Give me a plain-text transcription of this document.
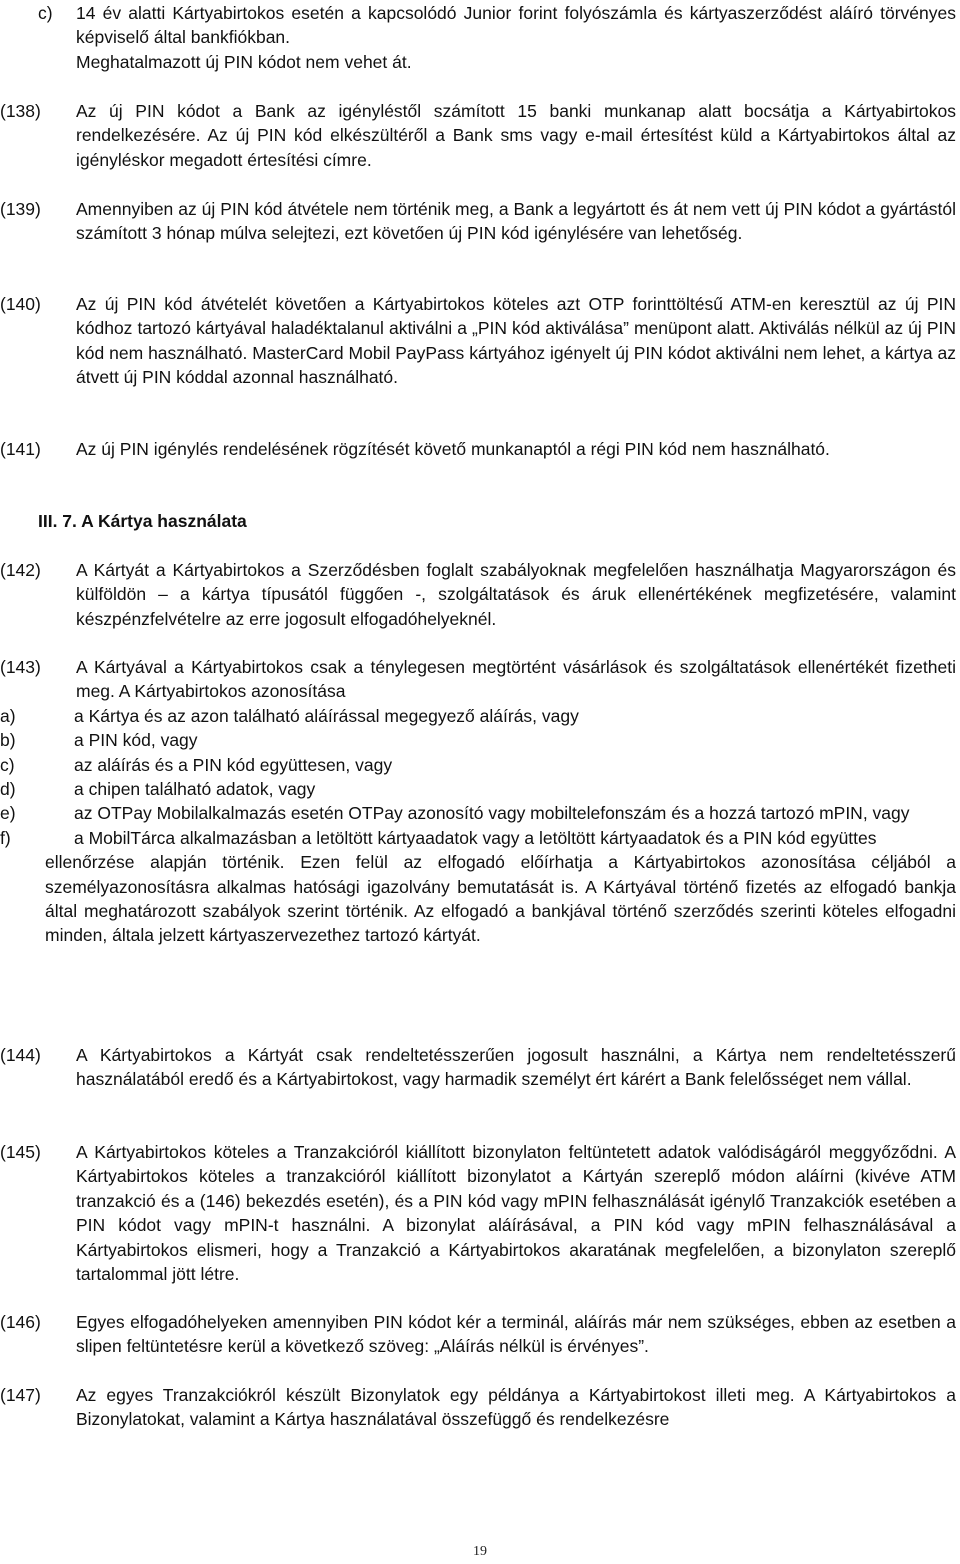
c)	14 év alatti Kártyabirtokos esetén a kapcsolódó Junior forint folyószámla és kártyaszerződést aláíró törvényes képviselő által bankfiókban.
Meghatalmazott új PIN kódot nem vehet át.
(138)	Az új PIN kódot a Bank az igényléstől számított 15 banki munkanap alatt bocsátja a Kártyabirtokos rendelkezésére. Az új PIN kód elkészültéről a Bank sms vagy e-mail értesítést küld a Kártyabirtokos által az igényléskor megadott értesítési címre.
(139)	Amennyiben az új PIN kód átvétele nem történik meg, a Bank a legyártott és át nem vett új PIN kódot a gyártástól számított 3 hónap múlva selejtezi, ezt követően új PIN kód igénylésére van lehetőség.
(140)	Az új PIN kód átvételét követően a Kártyabirtokos köteles azt OTP forinttöltésű ATM-en keresztül az új PIN kódhoz tartozó kártyával haladéktalanul aktiválni a „PIN kód aktiválása” menüpont alatt. Aktiválás nélkül az új PIN kód nem használható. MasterCard Mobil PayPass kártyához igényelt új PIN kódot aktiválni nem lehet, a kártya az átvett új PIN kóddal azonnal használható.
(141)	Az új PIN igénylés rendelésének rögzítését követő munkanaptól a régi PIN kód nem használható.
III. 7. A Kártya használata
(142)	A Kártyát a Kártyabirtokos a Szerződésben foglalt szabályoknak megfelelően használhatja Magyarországon és külföldön – a kártya típusától függően -, szolgáltatások és áruk ellenértékének megfizetésére, valamint készpénzfelvételre az erre jogosult elfogadóhelyeknél.
(143)	A Kártyával a Kártyabirtokos csak a ténylegesen megtörtént vásárlások és szolgáltatások ellenértékét fizetheti meg. A Kártyabirtokos azonosítása
a)	a Kártya és az azon található aláírással megegyező aláírás, vagy
b)	a PIN kód, vagy
c)	az aláírás és a PIN kód együttesen, vagy
d)	a chipen található adatok, vagy
e)	az OTPay Mobilalkalmazás esetén OTPay azonosító vagy mobiltelefonszám és a hozzá tartozó mPIN, vagy
f)	a MobilTárca alkalmazásban a letöltött kártyaadatok vagy a letöltött kártyaadatok és a PIN kód együttes
ellenőrzése alapján történik. Ezen felül az elfogadó előírhatja a Kártyabirtokos azonosítása céljából a személyazonosításra alkalmas hatósági igazolvány bemutatását is. A Kártyával történő fizetés az elfogadó bankja által meghatározott szabályok szerint történik. Az elfogadó a bankjával történő szerződés szerinti köteles elfogadni minden, általa jelzett kártyaszervezethez tartozó kártyát.
(144)	A Kártyabirtokos a Kártyát csak rendeltetésszerűen jogosult használni, a Kártya nem rendeltetésszerű használatából eredő és a Kártyabirtokost, vagy harmadik személyt ért kárért a Bank felelősséget nem vállal.
(145)	A Kártyabirtokos köteles a Tranzakcióról kiállított bizonylaton feltüntetett adatok valódiságáról meggyőződni. A Kártyabirtokos köteles a tranzakcióról kiállított bizonylatot a Kártyán szereplő módon aláírni (kivéve ATM tranzakció és a (146) bekezdés esetén), és a PIN kód vagy mPIN felhasználását igénylő Tranzakciók esetében a PIN kódot vagy mPIN-t használni. A bizonylat aláírásával, a PIN kód vagy mPIN felhasználásával a Kártyabirtokos elismeri, hogy a Tranzakció a Kártyabirtokos akaratának megfelelően, a bizonylaton szereplő tartalommal jött létre.
(146)	Egyes elfogadóhelyeken amennyiben PIN kódot kér a terminál, aláírás már nem szükséges, ebben az esetben a slipen feltüntetésre kerül a következő szöveg: „Aláírás nélkül is érvényes”.
(147)	Az egyes Tranzakciókról készült Bizonylatok egy példánya a Kártyabirtokost illeti meg. A Kártyabirtokos a Bizonylatokat, valamint a Kártya használatával összefüggő és rendelkezésre
19
